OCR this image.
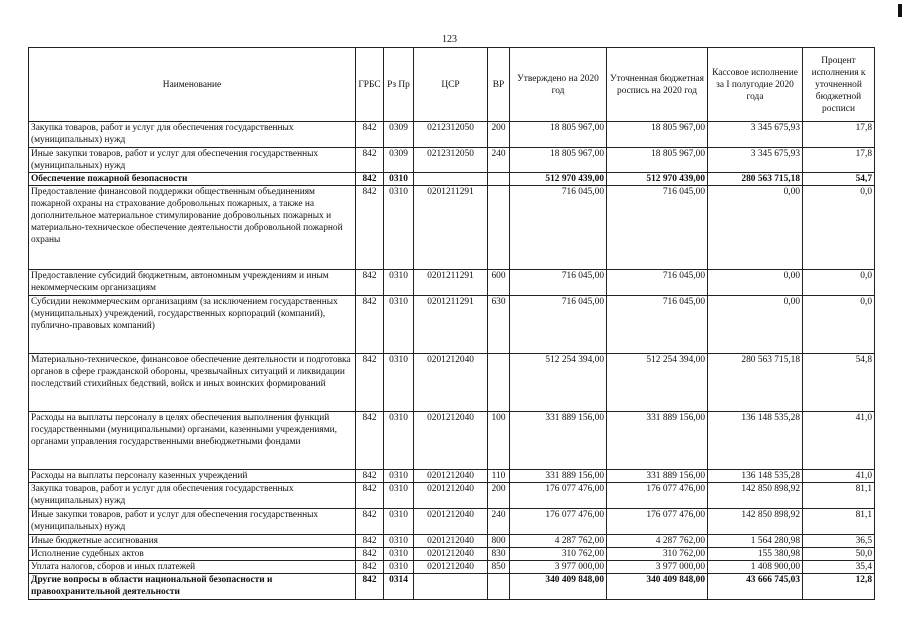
123
Наименование	ГРБС	Рз Пр	ЦСР	ВР	Утверждено на 2020 год	Уточненная бюджетная роспись на 2020 год	Кассовое исполнение за I полугодие 2020 года	Процент исполнения к уточненной бюджетной росписи
Закупка товаров, работ и услуг для обеспечения государственных (муниципальных) нужд	842	0309	0212312050	200	18 805 967,00	18 805 967,00	3 345 675,93	17,8
Иные закупки товаров, работ и услуг для обеспечения государственных (муниципальных) нужд	842	0309	0212312050	240	18 805 967,00	18 805 967,00	3 345 675,93	17,8
Обеспечение пожарной безопасности	842	0310			512 970 439,00	512 970 439,00	280 563 715,18	54,7
Предоставление финансовой поддержки общественным объединениям пожарной охраны на страхование добровольных пожарных, а также на дополнительное материальное стимулирование добровольных пожарных и материально-техническое обеспечение деятельности добровольной пожарной охраны	842	0310	0201211291		716 045,00	716 045,00	0,00	0,0
Предоставление субсидий бюджетным, автономным учреждениям и иным некоммерческим организациям	842	0310	0201211291	600	716 045,00	716 045,00	0,00	0,0
Субсидии некоммерческим организациям (за исключением государственных (муниципальных) учреждений, государственных корпораций (компаний), публично-правовых компаний)	842	0310	0201211291	630	716 045,00	716 045,00	0,00	0,0
Материально-техническое, финансовое обеспечение деятельности и подготовка органов в сфере гражданской обороны, чрезвычайных ситуаций и ликвидации последствий стихийных бедствий, войск и иных воинских формирований	842	0310	0201212040		512 254 394,00	512 254 394,00	280 563 715,18	54,8
Расходы на выплаты персоналу в целях обеспечения выполнения функций государственными (муниципальными) органами, казенными учреждениями, органами управления государственными внебюджетными фондами	842	0310	0201212040	100	331 889 156,00	331 889 156,00	136 148 535,28	41,0
Расходы на выплаты персоналу казенных учреждений	842	0310	0201212040	110	331 889 156,00	331 889 156,00	136 148 535,28	41,0
Закупка товаров, работ и услуг для обеспечения государственных (муниципальных) нужд	842	0310	0201212040	200	176 077 476,00	176 077 476,00	142 850 898,92	81,1
Иные закупки товаров, работ и услуг для обеспечения государственных (муниципальных) нужд	842	0310	0201212040	240	176 077 476,00	176 077 476,00	142 850 898,92	81,1
Иные бюджетные ассигнования	842	0310	0201212040	800	4 287 762,00	4 287 762,00	1 564 280,98	36,5
Исполнение судебных актов	842	0310	0201212040	830	310 762,00	310 762,00	155 380,98	50,0
Уплата налогов, сборов и иных платежей	842	0310	0201212040	850	3 977 000,00	3 977 000,00	1 408 900,00	35,4
Другие вопросы в области национальной безопасности и правоохранительной деятельности	842	0314			340 409 848,00	340 409 848,00	43 666 745,03	12,8
